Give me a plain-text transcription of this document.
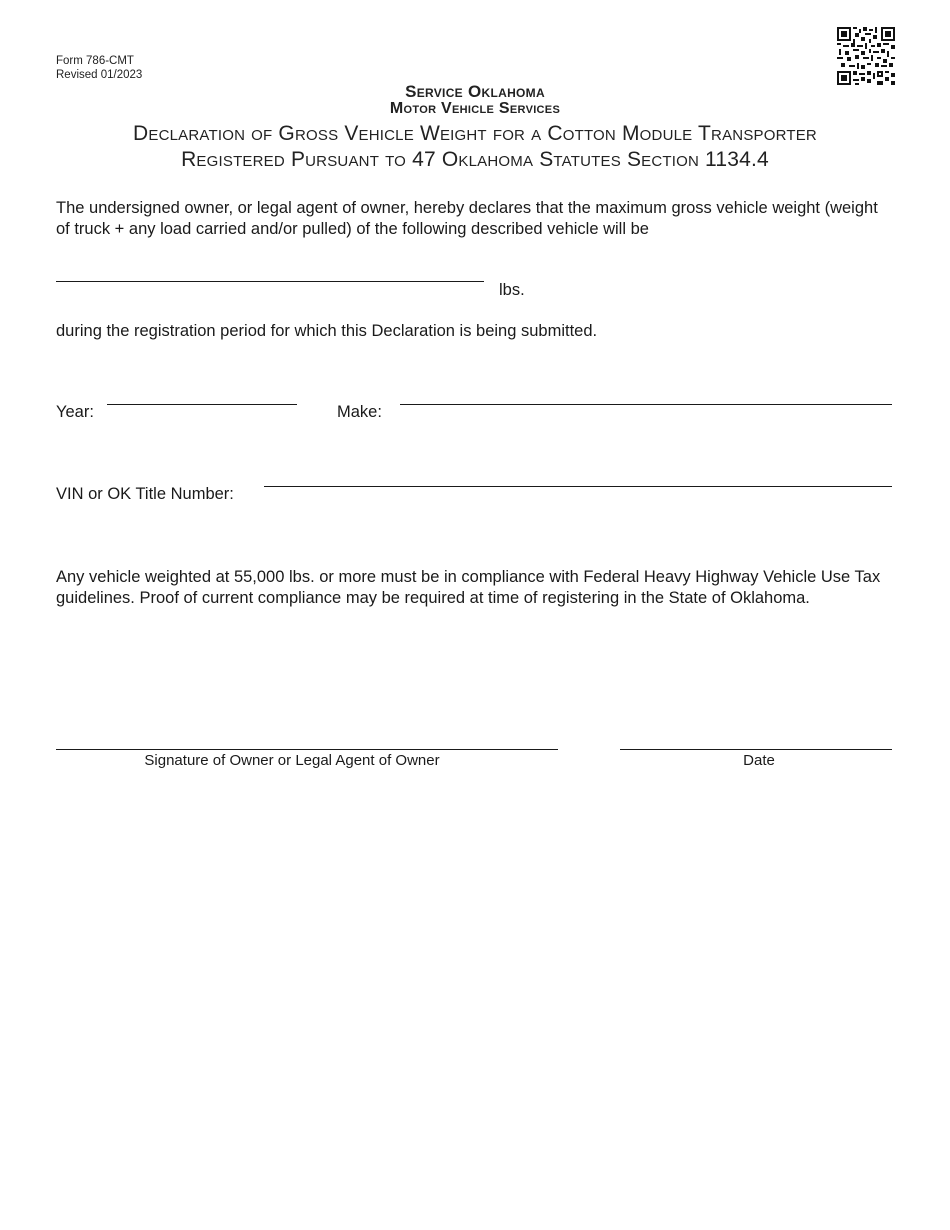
Form 786-CMT
Revised 01/2023
Service Oklahoma
Motor Vehicle Services
Declaration of Gross Vehicle Weight for a Cotton Module Transporter
Registered Pursuant to 47 Oklahoma Statutes Section 1134.4
The undersigned owner, or legal agent of owner, hereby declares that the maximum gross vehicle weight (weight of truck + any load carried and/or pulled) of the following described vehicle will be
lbs.
during the registration period for which this Declaration is being submitted.
Year:	Make:
VIN or OK Title Number:
Any vehicle weighted at 55,000 lbs. or more must be in compliance with Federal Heavy Highway Vehicle Use Tax guidelines. Proof of current compliance may be required at time of registering in the State of Oklahoma.
Signature of Owner or Legal Agent of Owner	Date
